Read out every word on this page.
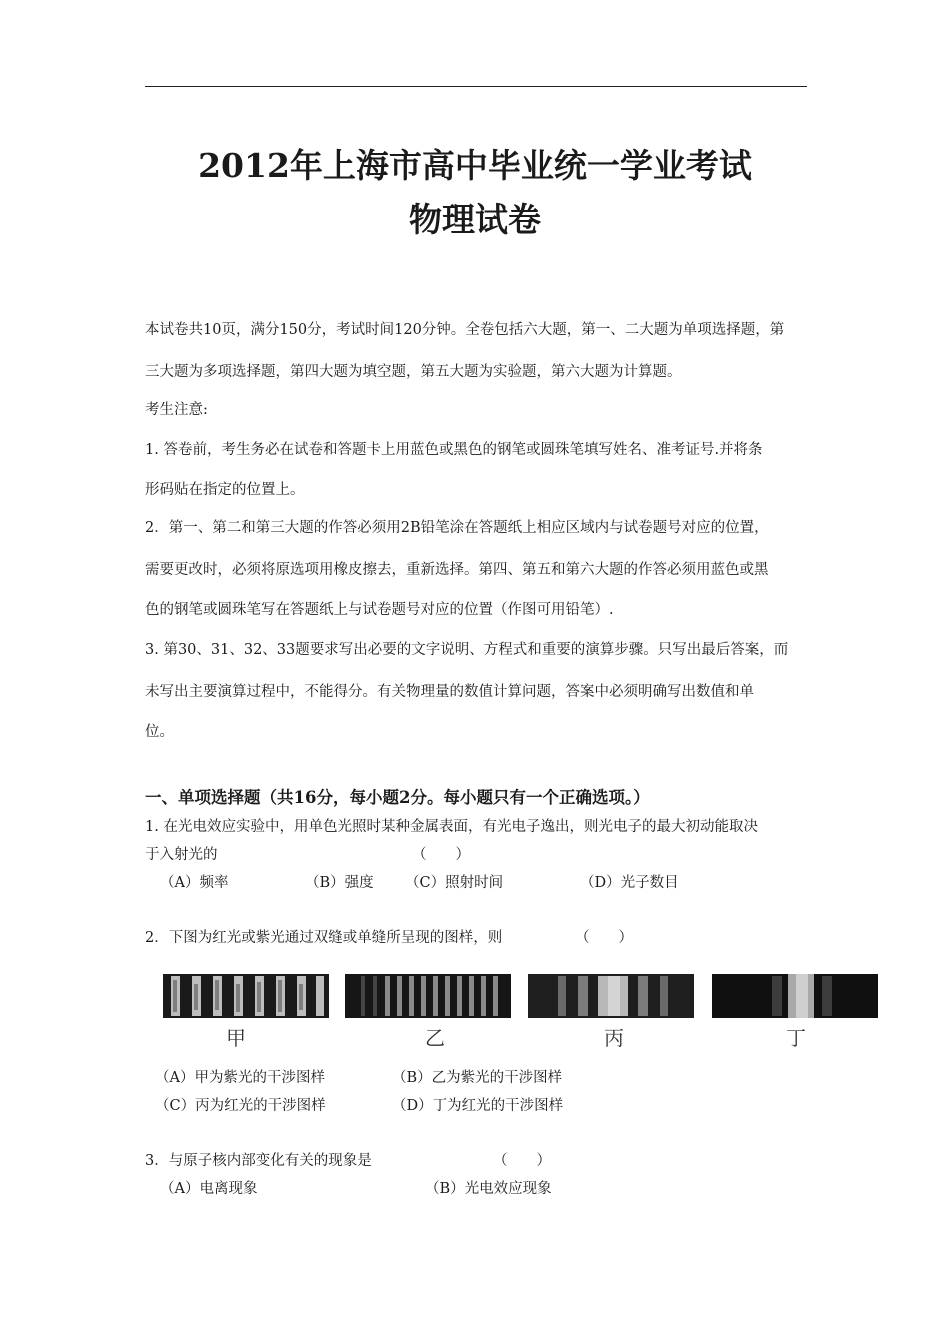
2012年上海市高中毕业统一学业考试
物理试卷
本试卷共10页，满分150分，考试时间120分钟。全卷包括六大题，第一、二大题为单项选择题，第
三大题为多项选择题，第四大题为填空题，第五大题为实验题，第六大题为计算题。
考生注意:
1. 答卷前，考生务必在试卷和答题卡上用蓝色或黑色的钢笔或圆珠笔填写姓名、准考证号.并将条
形码贴在指定的位置上。
2．第一、第二和第三大题的作答必须用2B铅笔涂在答题纸上相应区域内与试卷题号对应的位置，
需要更改时，必须将原选项用橡皮擦去，重新选择。第四、第五和第六大题的作答必须用蓝色或黑
色的钢笔或圆珠笔写在答题纸上与试卷题号对应的位置（作图可用铅笔）.
3. 第30、31、32、33题要求写出必要的文字说明、方程式和重要的演算步骤。只写出最后答案，而
未写出主要演算过程中，不能得分。有关物理量的数值计算问题，答案中必须明确写出数值和单
位。
一、单项选择题（共16分，每小题2分。每小题只有一个正确选项。）
1. 在光电效应实验中，用单色光照时某种金属表面，有光电子逸出，则光电子的最大初动能取决
于入射光的	（　　）
（A）频率	（B）强度 （C）照射时间	（D）光子数目
2．下图为红光或紫光通过双缝或单缝所呈现的图样，则	（　　）
甲	乙	丙	丁
（A）甲为紫光的干涉图样	（B）乙为紫光的干涉图样
（C）丙为红光的干涉图样	（D）丁为红光的干涉图样
3．与原子核内部变化有关的现象是	（　　）
（A）电离现象	（B）光电效应现象
